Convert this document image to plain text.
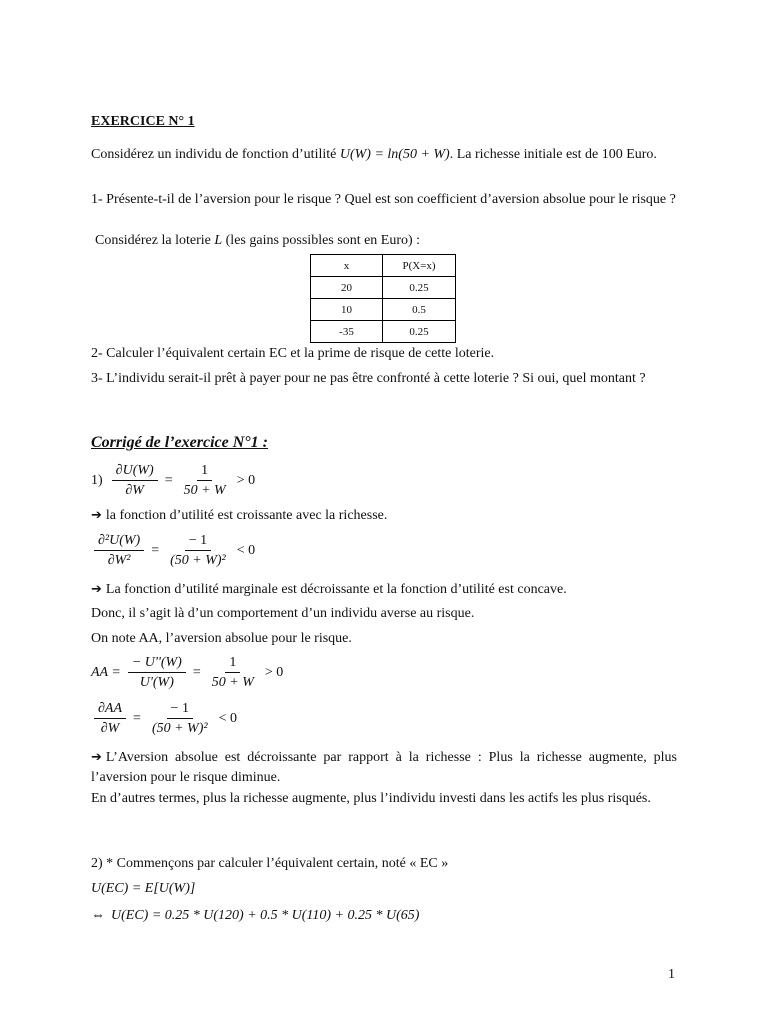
EXERCICE N° 1

Considérez un individu de fonction d’utilité U(W) = ln(50 + W). La richesse initiale est de 100 Euro.

1- Présente-t-il de l’aversion pour le risque ? Quel est son coefficient d’aversion absolue pour le risque ?

Considérez la loterie L (les gains possibles sont en Euro) :

x	P(X=x)
20	0.25
10	0.5
-35	0.25

2- Calculer l’équivalent certain EC et la prime de risque de cette loterie.

3- L’individu serait-il prêt à payer pour ne pas être confronté à cette loterie ? Si oui, quel montant ?

Corrigé de l’exercice N°1 :

$1) \frac{\partial U(W)}{\partial W} = \frac{1}{50 + W} > 0$

➔ la fonction d’utilité est croissante avec la richesse.

$\frac{\text{∂²U(W)}}{\text{∂W²}} = \frac{- 1}{\text{(50 + W)²}} < 0$

➔ La fonction d’utilité marginale est décroissante et la fonction d’utilité est concave.

Donc, il s’agit là d’un comportement d’un individu averse au risque.

On note AA, l’aversion absolue pour le risque.

AA = $\frac{- U''(W)}{U'(W)} = \frac{1}{50 + W} > 0$
$\frac{\partial AA}{\partial W} = \frac{- 1}{\text{(50 + W)²}} < 0$

➔ L’Aversion absolue est décroissante par rapport à la richesse : Plus la richesse augmente, plus l’aversion pour le risque diminue.

En d’autres termes, plus la richesse augmente, plus l’individu investi dans les actifs les plus risqués.

2) * Commençons par calculer l’équivalent certain, noté « EC »

U(EC) = E[U(W)]

⇔ U(EC) = 0.25 * U(120) + 0.5 * U(110) + 0.25 * U(65)

1
